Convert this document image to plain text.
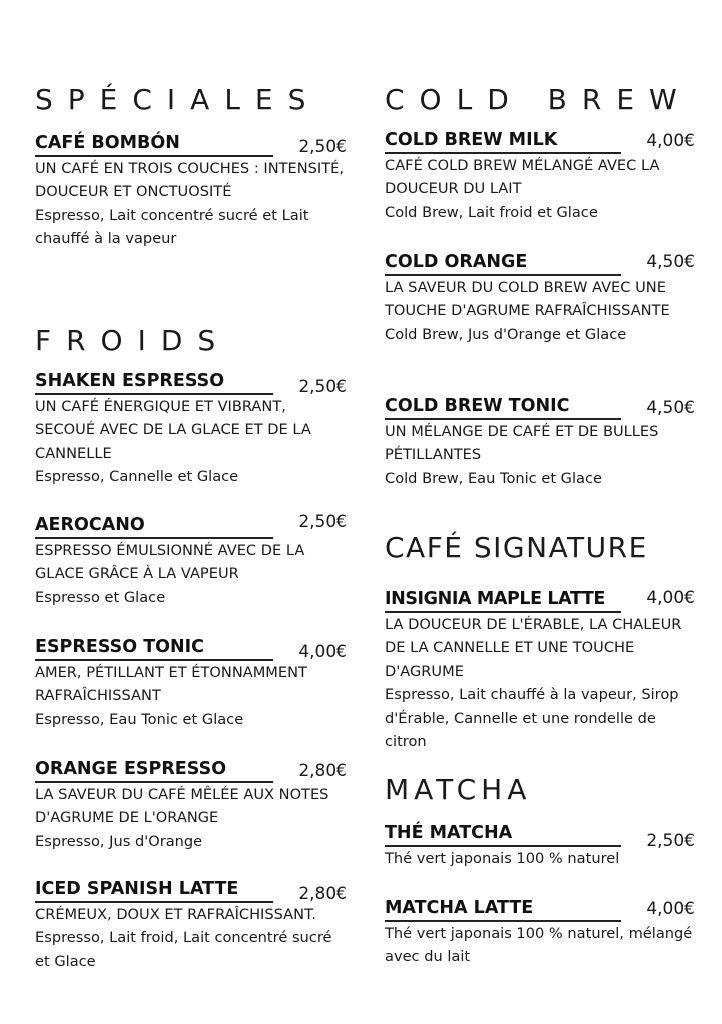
SPÉCIALES
CAFÉ BOMBÓN	2,50€
UN CAFÉ EN TROIS COUCHES : INTENSITÉ, DOUCEUR ET ONCTUOSITÉ
Espresso, Lait concentré sucré et Lait chauffé à la vapeur
FROIDS
SHAKEN ESPRESSO	2,50€
UN CAFÉ ÉNERGIQUE ET VIBRANT, SECOUÉ AVEC DE LA GLACE ET DE LA CANNELLE
Espresso, Cannelle et Glace
AEROCANO	2,50€
ESPRESSO ÉMULSIONNÉ AVEC DE LA GLACE GRÂCE À LA VAPEUR
Espresso et Glace
ESPRESSO TONIC	4,00€
AMER, PÉTILLANT ET ÉTONNAMMENT RAFRAÎCHISSANT
Espresso, Eau Tonic et Glace
ORANGE ESPRESSO	2,80€
LA SAVEUR DU CAFÉ MÊLÉE AUX NOTES D'AGRUME DE L'ORANGE
Espresso, Jus d'Orange
ICED SPANISH LATTE	2,80€
CRÉMEUX, DOUX ET RAFRAÎCHISSANT.
Espresso, Lait froid, Lait concentré sucré et Glace
COLD BREW
COLD BREW MILK	4,00€
CAFÉ COLD BREW MÉLANGÉ AVEC LA DOUCEUR DU LAIT
Cold Brew, Lait froid et Glace
COLD ORANGE	4,50€
LA SAVEUR DU COLD BREW AVEC UNE TOUCHE D'AGRUME RAFRAÎCHISSANTE
Cold Brew, Jus d'Orange et Glace
COLD BREW TONIC	4,50€
UN MÉLANGE DE CAFÉ ET DE BULLES PÉTILLANTES
Cold Brew, Eau Tonic et Glace
CAFÉ SIGNATURE
INSIGNIA MAPLE LATTE 4,00€
LA DOUCEUR DE L'ÉRABLE, LA CHALEUR DE LA CANNELLE ET UNE TOUCHE D'AGRUME
Espresso, Lait chauffé à la vapeur, Sirop d'Érable, Cannelle et une rondelle de citron
MATCHA
THÉ MATCHA	2,50€
Thé vert japonais 100 % naturel
MATCHA LATTE	4,00€
Thé vert japonais 100 % naturel, mélangé avec du lait
